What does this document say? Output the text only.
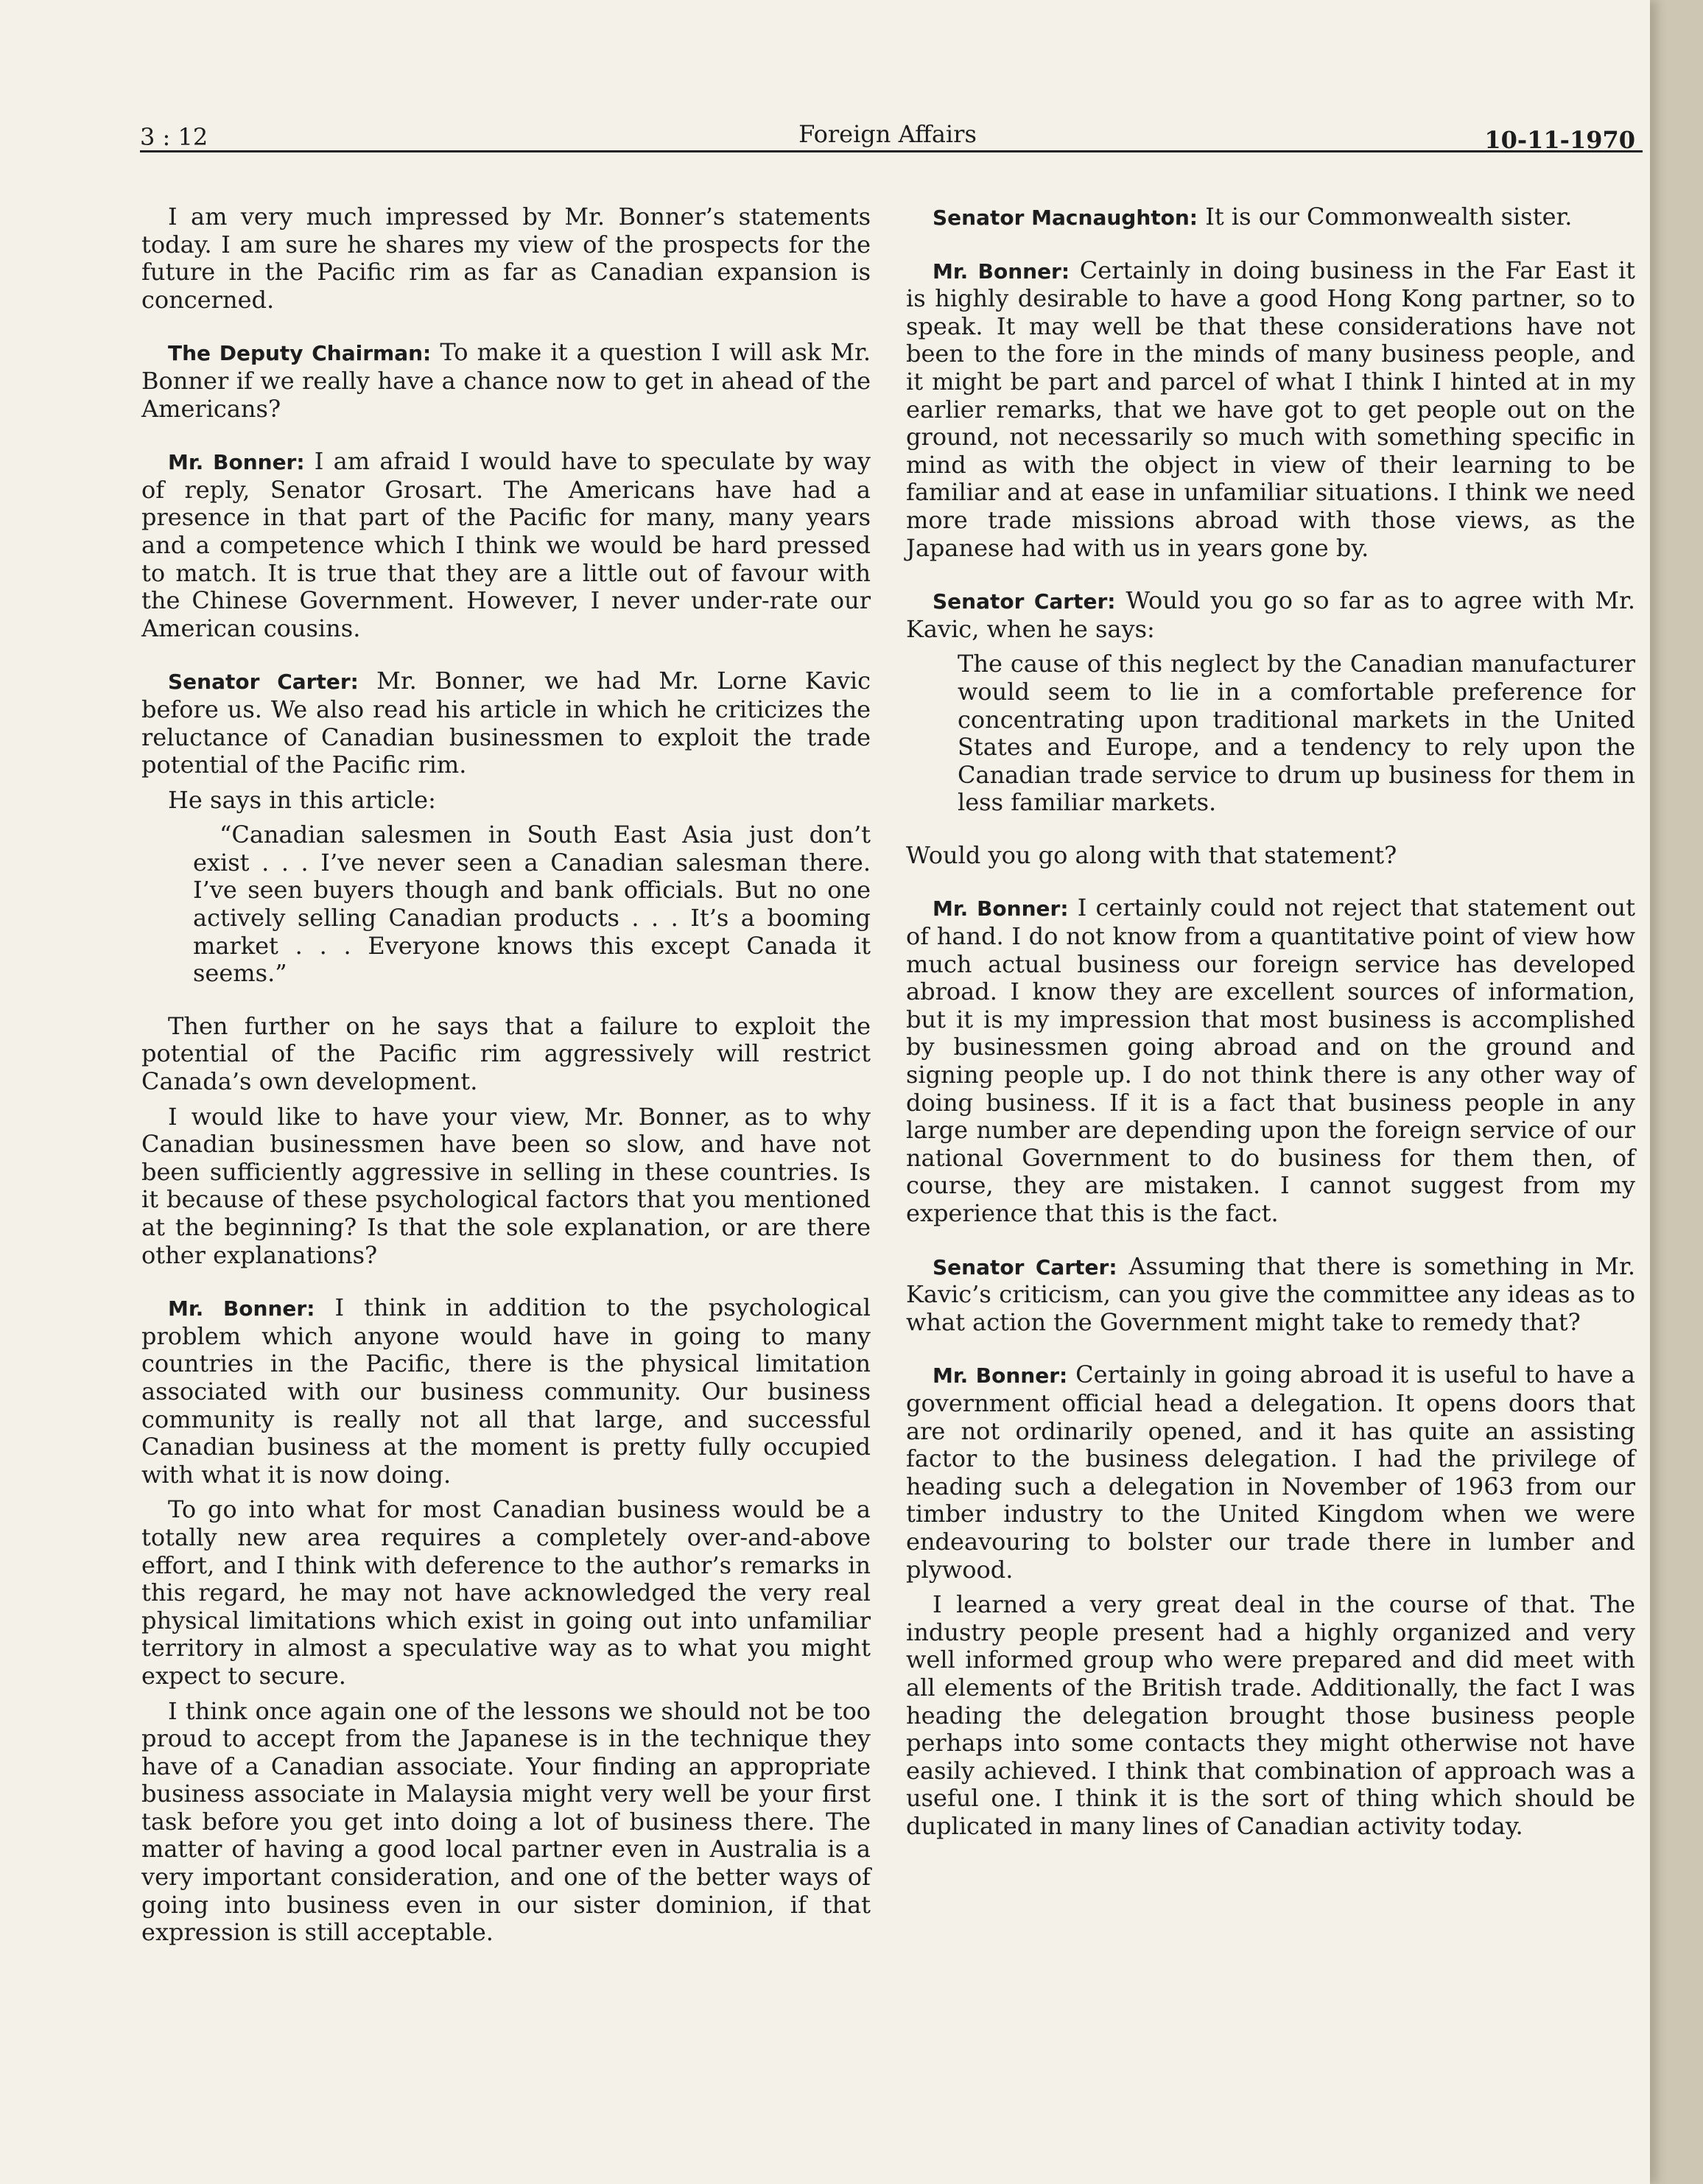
3 : 12	Foreign Affairs	10-11-1970

I am very much impressed by Mr. Bonner’s statements today. I am sure he shares my view of the prospects for the future in the Pacific rim as far as Canadian expansion is concerned.

The Deputy Chairman: To make it a question I will ask Mr. Bonner if we really have a chance now to get in ahead of the Americans?

Mr. Bonner: I am afraid I would have to speculate by way of reply, Senator Grosart. The Americans have had a presence in that part of the Pacific for many, many years and a competence which I think we would be hard pressed to match. It is true that they are a little out of favour with the Chinese Government. However, I never under-rate our American cousins.

Senator Carter: Mr. Bonner, we had Mr. Lorne Kavic before us. We also read his article in which he criticizes the reluctance of Canadian businessmen to exploit the trade potential of the Pacific rim.

He says in this article:

“Canadian salesmen in South East Asia just don’t exist . . . I’ve never seen a Canadian salesman there. I’ve seen buyers though and bank officials. But no one actively selling Canadian products . . . It’s a booming market . . . Everyone knows this except Canada it seems.”

Then further on he says that a failure to exploit the potential of the Pacific rim aggressively will restrict Canada’s own development.

I would like to have your view, Mr. Bonner, as to why Canadian businessmen have been so slow, and have not been sufficiently aggressive in selling in these countries. Is it because of these psychological factors that you mentioned at the beginning? Is that the sole explanation, or are there other explanations?

Mr. Bonner: I think in addition to the psychological problem which anyone would have in going to many countries in the Pacific, there is the physical limitation associated with our business community. Our business community is really not all that large, and successful Canadian business at the moment is pretty fully occupied with what it is now doing.

To go into what for most Canadian business would be a totally new area requires a completely over-and-above effort, and I think with deference to the author’s remarks in this regard, he may not have acknowledged the very real physical limitations which exist in going out into unfamiliar territory in almost a speculative way as to what you might expect to secure.

I think once again one of the lessons we should not be too proud to accept from the Japanese is in the technique they have of a Canadian associate. Your finding an appropriate business associate in Malaysia might very well be your first task before you get into doing a lot of business there. The matter of having a good local partner even in Australia is a very important consideration, and one of the better ways of going into business even in our sister dominion, if that expression is still acceptable.

Senator Macnaughton: It is our Commonwealth sister.

Mr. Bonner: Certainly in doing business in the Far East it is highly desirable to have a good Hong Kong partner, so to speak. It may well be that these considerations have not been to the fore in the minds of many business people, and it might be part and parcel of what I think I hinted at in my earlier remarks, that we have got to get people out on the ground, not necessarily so much with something specific in mind as with the object in view of their learning to be familiar and at ease in unfamiliar situations. I think we need more trade missions abroad with those views, as the Japanese had with us in years gone by.

Senator Carter: Would you go so far as to agree with Mr. Kavic, when he says:

The cause of this neglect by the Canadian manufacturer would seem to lie in a comfortable preference for concentrating upon traditional markets in the United States and Europe, and a tendency to rely upon the Canadian trade service to drum up business for them in less familiar markets.

Would you go along with that statement?

Mr. Bonner: I certainly could not reject that statement out of hand. I do not know from a quantitative point of view how much actual business our foreign service has developed abroad. I know they are excellent sources of information, but it is my impression that most business is accomplished by businessmen going abroad and on the ground and signing people up. I do not think there is any other way of doing business. If it is a fact that business people in any large number are depending upon the foreign service of our national Government to do business for them then, of course, they are mistaken. I cannot suggest from my experience that this is the fact.

Senator Carter: Assuming that there is something in Mr. Kavic’s criticism, can you give the committee any ideas as to what action the Government might take to remedy that?

Mr. Bonner: Certainly in going abroad it is useful to have a government official head a delegation. It opens doors that are not ordinarily opened, and it has quite an assisting factor to the business delegation. I had the privilege of heading such a delegation in November of 1963 from our timber industry to the United Kingdom when we were endeavouring to bolster our trade there in lumber and plywood.

I learned a very great deal in the course of that. The industry people present had a highly organized and very well informed group who were prepared and did meet with all elements of the British trade. Additionally, the fact I was heading the delegation brought those business people perhaps into some contacts they might otherwise not have easily achieved. I think that combination of approach was a useful one. I think it is the sort of thing which should be duplicated in many lines of Canadian activity today.
